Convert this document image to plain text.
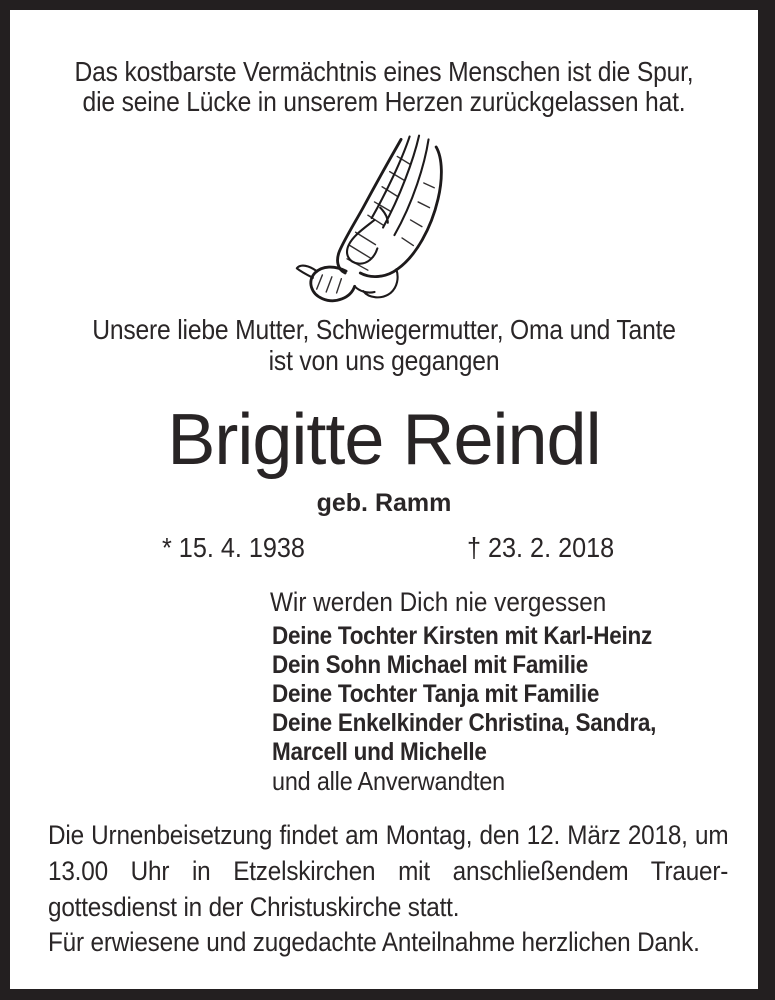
Das kostbarste Vermächtnis eines Menschen ist die Spur,
die seine Lücke in unserem Herzen zurückgelassen hat.
Unsere liebe Mutter, Schwiegermutter, Oma und Tante
ist von uns gegangen
Brigitte Reindl
geb. Ramm
* 15. 4. 1938	† 23. 2. 2018
Wir werden Dich nie vergessen
Deine Tochter Kirsten mit Karl-Heinz
Dein Sohn Michael mit Familie
Deine Tochter Tanja mit Familie
Deine Enkelkinder Christina, Sandra,
Marcell und Michelle
und alle Anverwandten
Die Urnenbeisetzung findet am Montag, den 12. März 2018, um 13.00 Uhr in Etzelskirchen mit anschließendem Trauergottesdienst in der Christuskirche statt.
Für erwiesene und zugedachte Anteilnahme herzlichen Dank.
